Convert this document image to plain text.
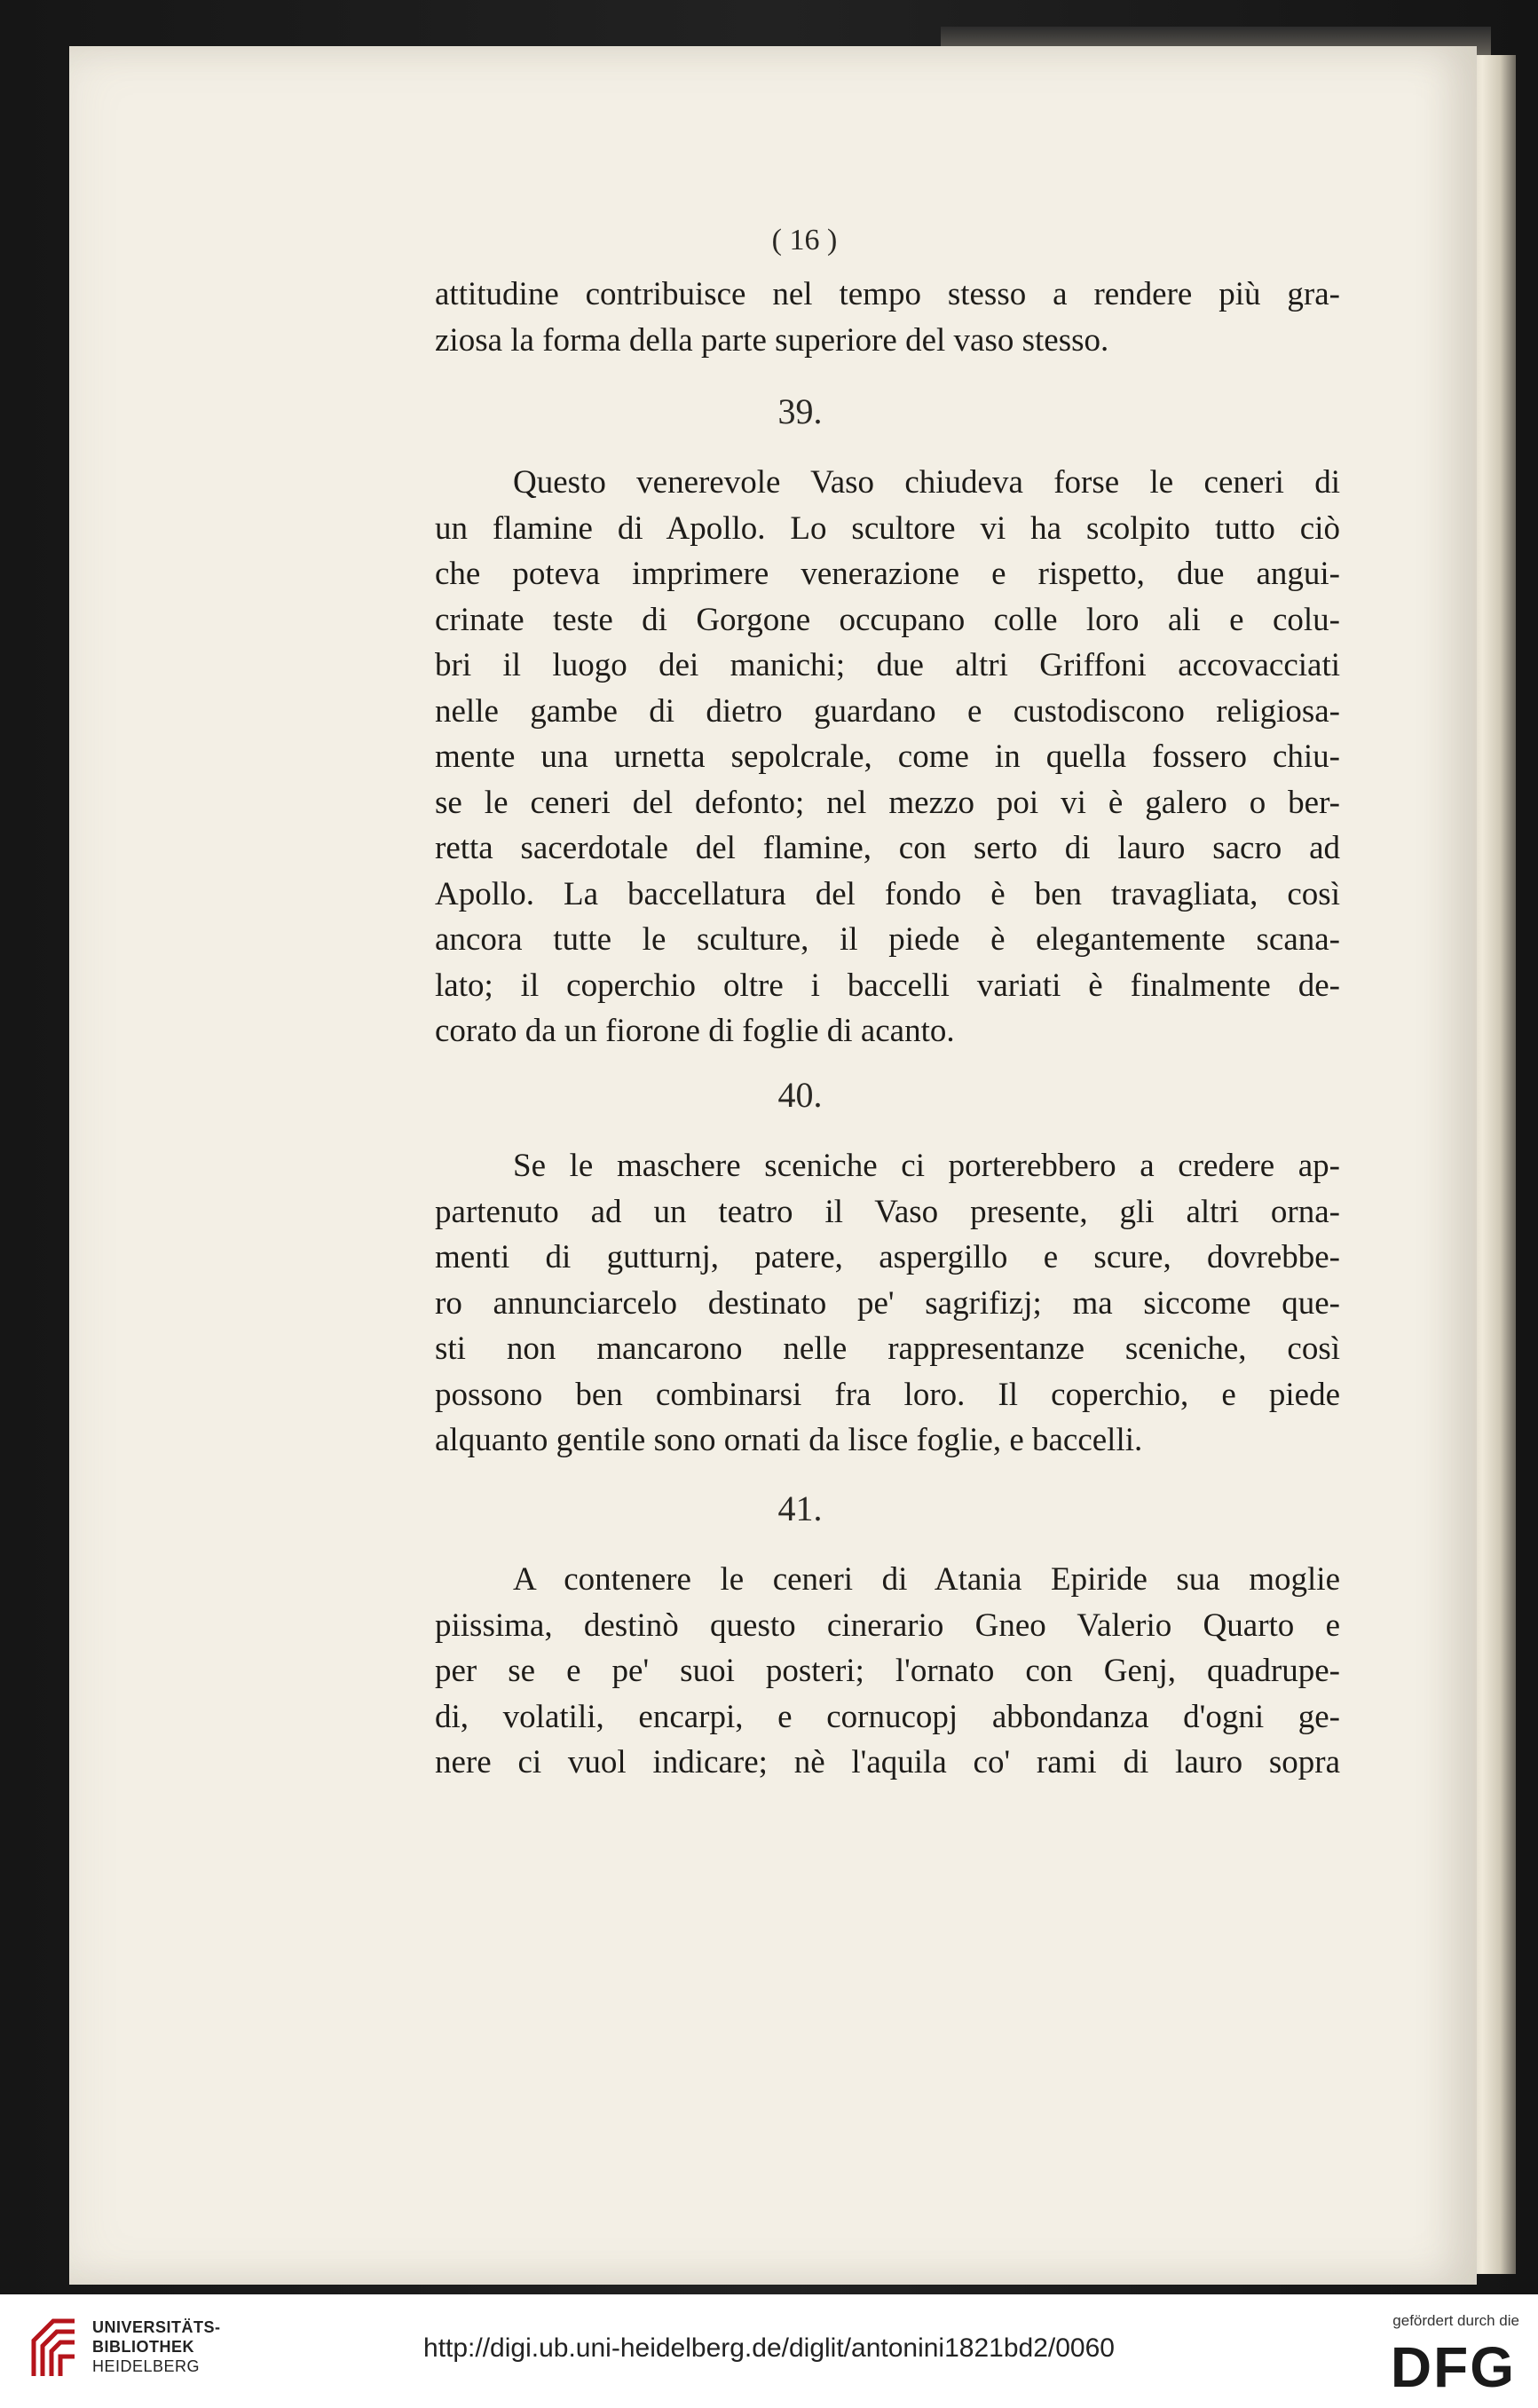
( 16 )
attitudine contribuisce nel tempo stesso a rendere più gra-
ziosa la forma della parte superiore del vaso stesso.
39.
Questo venerevole Vaso chiudeva forse le ceneri di
un flamine di Apollo. Lo scultore vi ha scolpito tutto ciò
che poteva imprimere venerazione e rispetto, due angui-
crinate teste di Gorgone occupano colle loro ali e colu-
bri il luogo dei manichi; due altri Griffoni accovacciati
nelle gambe di dietro guardano e custodiscono religiosa-
mente una urnetta sepolcrale, come in quella fossero chiu-
se le ceneri del defonto; nel mezzo poi vi è galero o ber-
retta sacerdotale del flamine, con serto di lauro sacro ad
Apollo. La baccellatura del fondo è ben travagliata, così
ancora tutte le sculture, il piede è elegantemente scana-
lato; il coperchio oltre i baccelli variati è finalmente de-
corato da un fiorone di foglie di acanto.
40.
Se le maschere sceniche ci porterebbero a credere ap-
partenuto ad un teatro il Vaso presente, gli altri orna-
menti di gutturnj, patere, aspergillo e scure, dovrebbe-
ro annunciarcelo destinato pe' sagrifizj; ma siccome que-
sti non mancarono nelle rappresentanze sceniche, così
possono ben combinarsi fra loro. Il coperchio, e piede
alquanto gentile sono ornati da lisce foglie, e baccelli.
41.
A contenere le ceneri di Atania Epiride sua moglie
piissima, destinò questo cinerario Gneo Valerio Quarto e
per se e pe' suoi posteri; l'ornato con Genj, quadrupe-
di, volatili, encarpi, e cornucopj abbondanza d'ogni ge-
nere ci vuol indicare; nè l'aquila co' rami di lauro sopra
UNIVERSITÄTS-
BIBLIOTHEK
HEIDELBERG
http://digi.ub.uni-heidelberg.de/diglit/antonini1821bd2/0060
gefördert durch die
DFG
